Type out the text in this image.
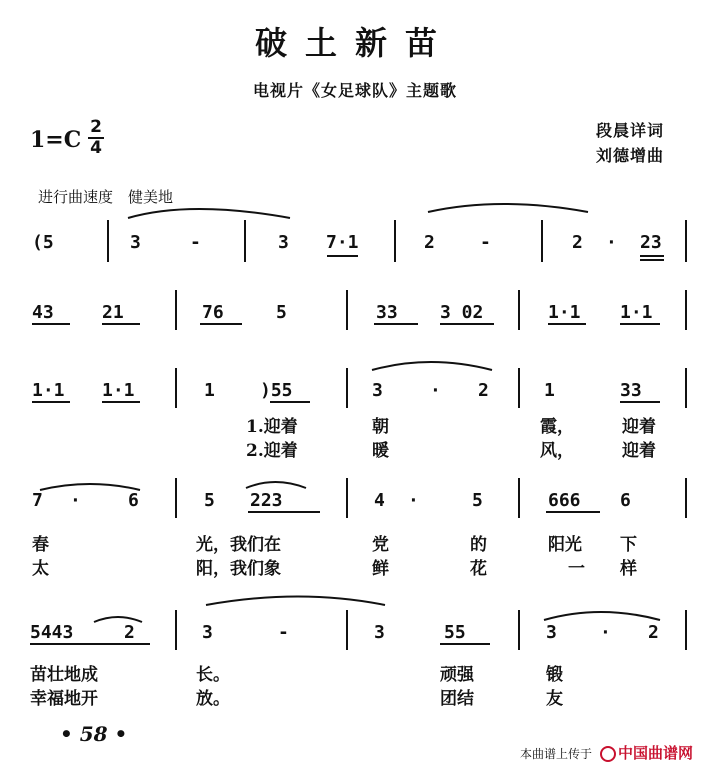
破土新苗
电视片《女足球队》主题歌
1=C 2
4
段晨详词
刘德增曲
进行曲速度　健美地
(5	3	-	3 7·1	2	-	2 · 23
43	21	76	5	33 3 02	1·1 1·1
1·1 1·1	1	)55	3	· 2	1	33
1.迎着	朝	霞，	迎着
2.迎着	暖	风，	迎着
7 ·	6	5 223	4 ·	5	666 6
春	光，我们在	党	的	阳光 下
太	阳，我们象	鲜	花	一 样
5443	2	3	-	3	55	3 · 2
苗壮地成	长。	顽强	锻
幸福地开	放。	团结	友
• 58 •
本曲谱上传于	中国曲谱网
